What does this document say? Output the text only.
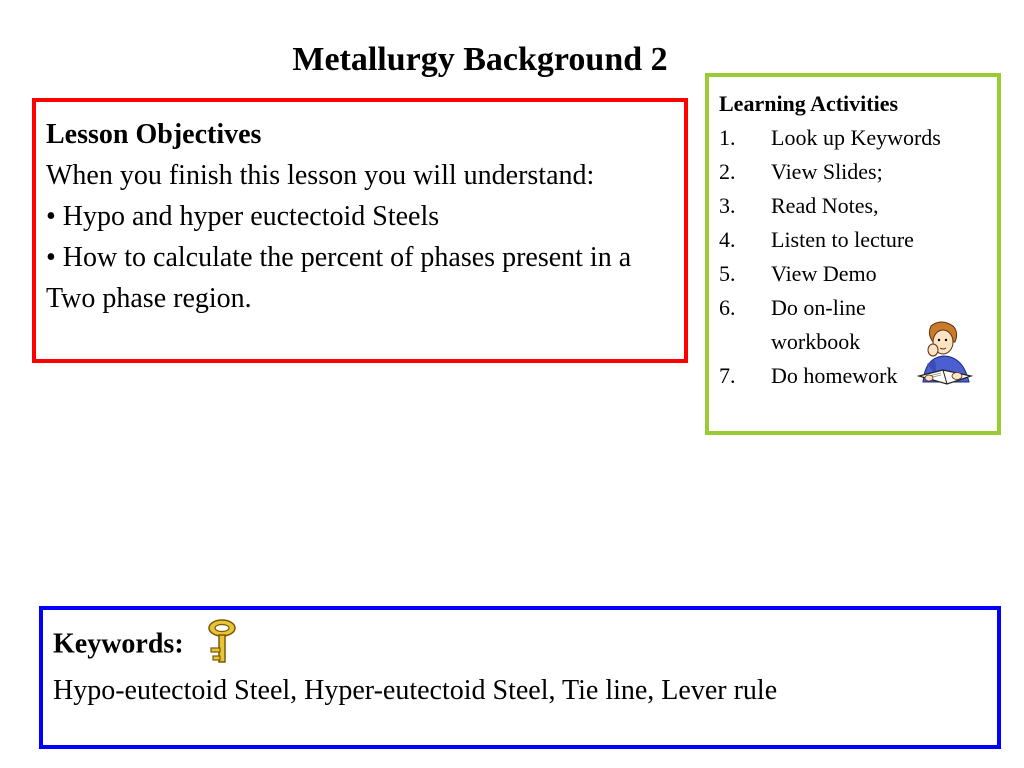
Metallurgy Background 2
Lesson Objectives
When you finish this lesson you will understand:
• Hypo and hyper euctectoid Steels
• How to calculate the percent of phases present in a Two phase region.
Learning Activities
1.	Look up Keywords
2.	View Slides;
3.	Read Notes,
4.	Listen to lecture
5.	View Demo
6.	Do on-line workbook
7.	Do homework
Keywords:
Hypo-eutectoid Steel, Hyper-eutectoid Steel, Tie line, Lever rule
